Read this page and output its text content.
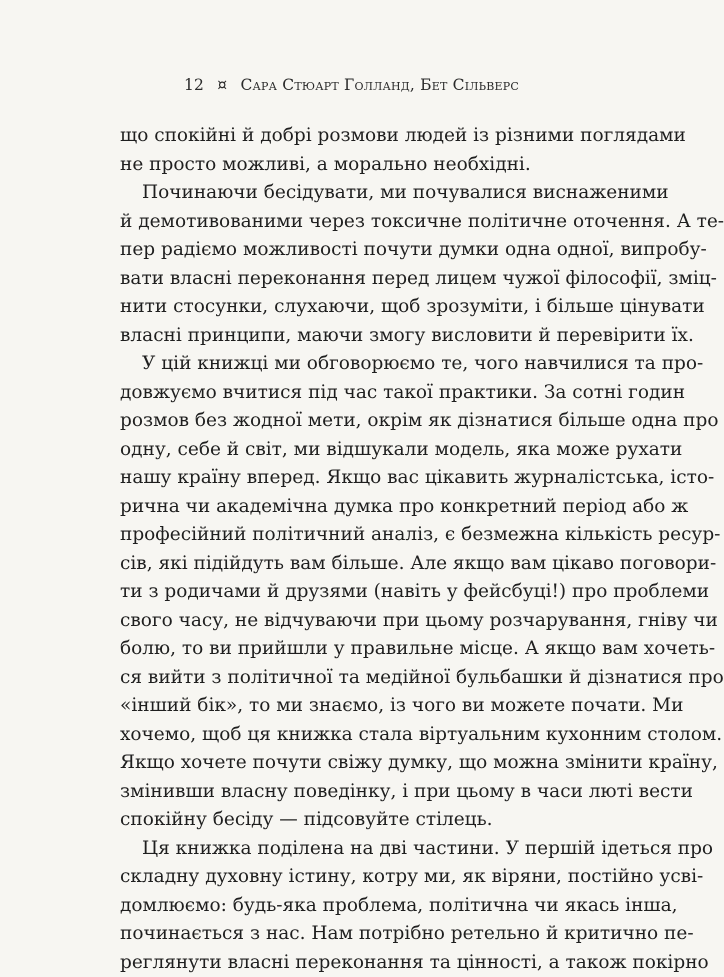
12 ¤ Сара Стюарт Голланд, Бет Сільверс
що спокійні й добрі розмови людей із різними поглядами
не просто можливі, а морально необхідні.
Починаючи бесідувати, ми почувалися виснаженими
й демотивованими через токсичне політичне оточення. А те-
пер радіємо можливості почути думки одна одної, випробу-
вати власні переконання перед лицем чужої філософії, зміц-
нити стосунки, слухаючи, щоб зрозуміти, і більше цінувати
власні принципи, маючи змогу висловити й перевірити їх.
У цій книжці ми обговорюємо те, чого навчилися та про-
довжуємо вчитися під час такої практики. За сотні годин
розмов без жодної мети, окрім як дізнатися більше одна про
одну, себе й світ, ми відшукали модель, яка може рухати
нашу країну вперед. Якщо вас цікавить журналістська, істо-
рична чи академічна думка про конкретний період або ж
професійний політичний аналіз, є безмежна кількість ресур-
сів, які підійдуть вам більше. Але якщо вам цікаво поговори-
ти з родичами й друзями (навіть у фейсбуці!) про проблеми
свого часу, не відчуваючи при цьому розчарування, гніву чи
болю, то ви прийшли у правильне місце. А якщо вам хочеть-
ся вийти з політичної та медійної бульбашки й дізнатися про
«інший бік», то ми знаємо, із чого ви можете почати. Ми
хочемо, щоб ця книжка стала віртуальним кухонним столом.
Якщо хочете почути свіжу думку, що можна змінити країну,
змінивши власну поведінку, і при цьому в часи люті вести
спокійну бесіду — підсовуйте стілець.
Ця книжка поділена на дві частини. У першій ідеться про
складну духовну істину, котру ми, як віряни, постійно усві-
домлюємо: будь-яка проблема, політична чи якась інша,
починається з нас. Нам потрібно ретельно й критично пе-
реглянути власні переконання та цінності, а також покірно
